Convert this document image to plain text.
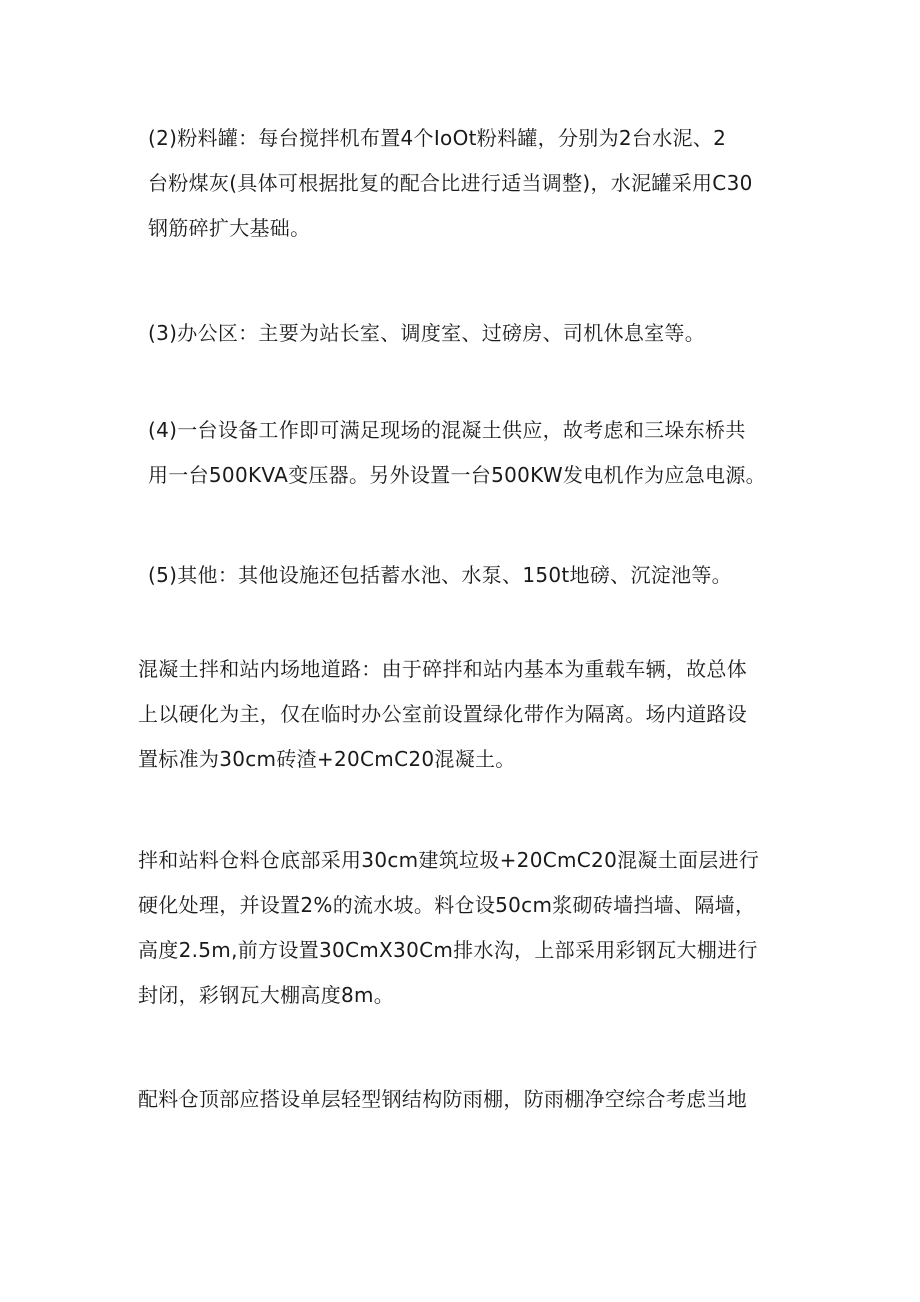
(2)粉料罐：每台搅拌机布置4个IoOt粉料罐，分别为2台水泥、2
台粉煤灰(具体可根据批复的配合比进行适当调整)，水泥罐采用C30
钢筋碎扩大基础。

(3)办公区：主要为站长室、调度室、过磅房、司机休息室等。

(4)一台设备工作即可满足现场的混凝土供应，故考虑和三垛东桥共
用一台500KVA变压器。另外设置一台500KW发电机作为应急电源。

(5)其他：其他设施还包括蓄水池、水泵、150t地磅、沉淀池等。

混凝土拌和站内场地道路：由于碎拌和站内基本为重载车辆，故总体
上以硬化为主，仅在临时办公室前设置绿化带作为隔离。场内道路设
置标准为30cm砖渣+20CmC20混凝土。

拌和站料仓料仓底部采用30cm建筑垃圾+20CmC20混凝土面层进行
硬化处理，并设置2%的流水坡。料仓设50cm浆砌砖墙挡墙、隔墙，
高度2.5m,前方设置30CmX30Cm排水沟，上部采用彩钢瓦大棚进行
封闭，彩钢瓦大棚高度8m。

配料仓顶部应搭设单层轻型钢结构防雨棚，防雨棚净空综合考虑当地
